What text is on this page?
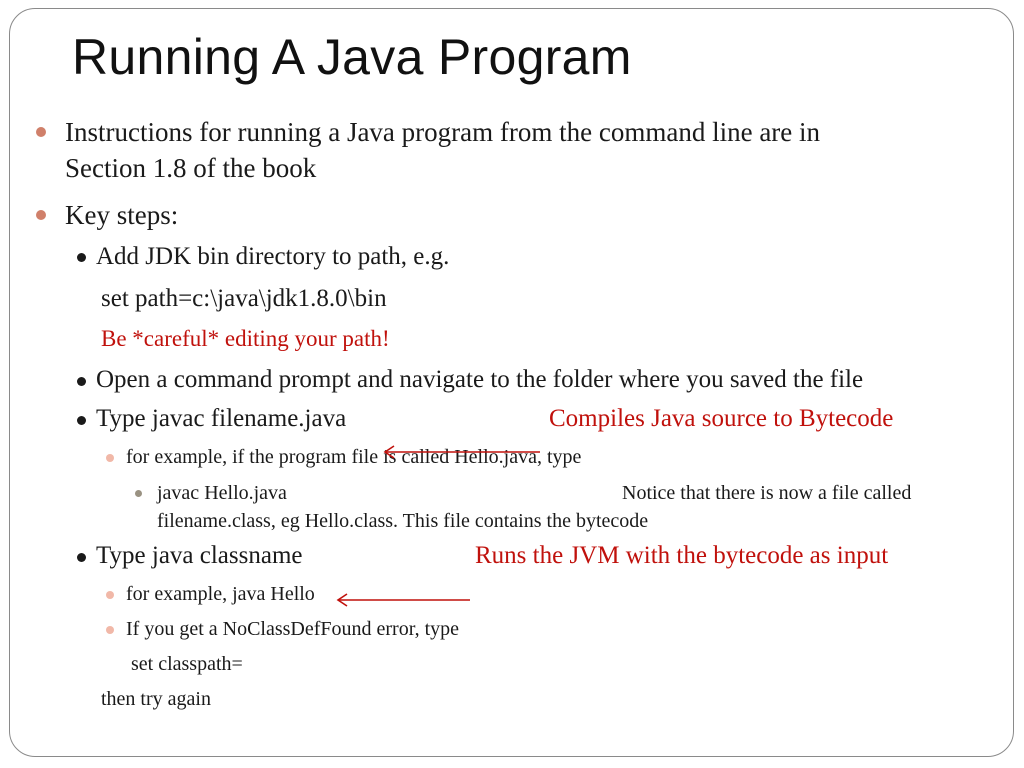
Running A Java Program
Instructions for running a Java program from the command line are in
Section 1.8 of the book
Key steps:
Add JDK bin directory to path, e.g.
set path=c:\java\jdk1.8.0\bin
Be *careful* editing your path!
Open a command prompt and navigate to the folder where you saved the file
Type javac filename.java	Compiles Java source to Bytecode
for example, if the program file is called Hello.java, type
javac Hello.java	Notice that there is now a file called
filename.class, eg Hello.class. This file contains the bytecode
Type java classname	Runs the JVM with the bytecode as input
for example, java Hello
If you get a NoClassDefFound error, type
set classpath=
then try again
